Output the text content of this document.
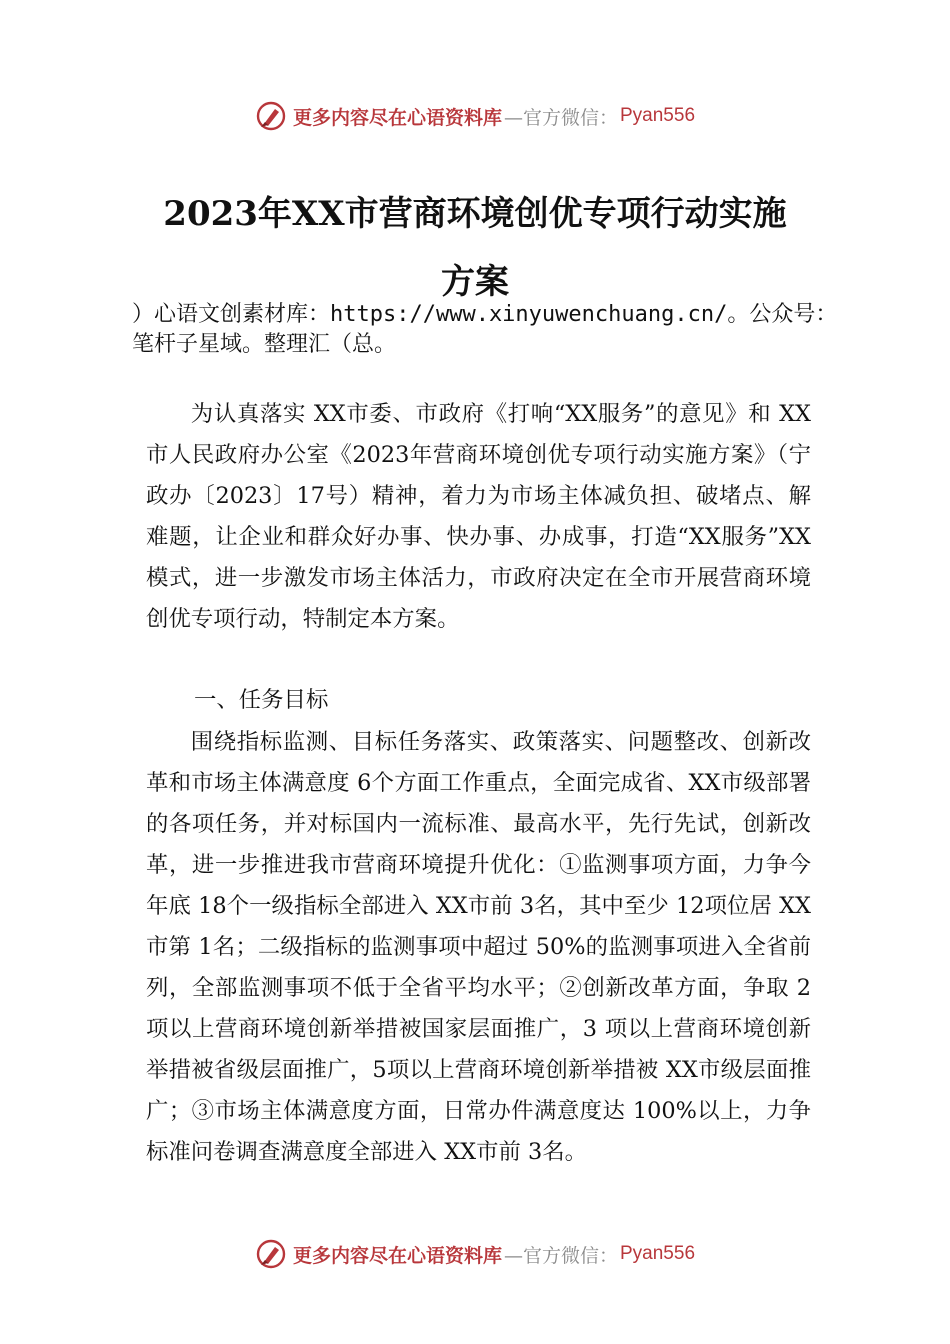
更多内容尽在心语资料库 —官方微信： Pyan556
2023年XX市营商环境创优专项行动实施
方案
）心语文创素材库：https://www.xinyuwenchuang.cn/。公众号：笔杆子星域。整理汇（总。
为认真落实 XX市委、市政府《打响“XX服务”的意见》和 XX市人民政府办公室《2023年营商环境创优专项行动实施方案》（宁政办〔2023〕17号）精神，着力为市场主体减负担、破堵点、解难题，让企业和群众好办事、快办事、办成事，打造“XX服务”XX模式，进一步激发市场主体活力，市政府决定在全市开展营商环境创优专项行动，特制定本方案。
一、任务目标
围绕指标监测、目标任务落实、政策落实、问题整改、创新改革和市场主体满意度 6个方面工作重点，全面完成省、XX市级部署的各项任务，并对标国内一流标准、最高水平，先行先试，创新改革，进一步推进我市营商环境提升优化：①监测事项方面，力争今年底 18个一级指标全部进入 XX市前 3名，其中至少 12项位居 XX市第 1名；二级指标的监测事项中超过 50%的监测事项进入全省前列，全部监测事项不低于全省平均水平；②创新改革方面，争取 2项以上营商环境创新举措被国家层面推广，3 项以上营商环境创新举措被省级层面推广，5项以上营商环境创新举措被 XX市级层面推广；③市场主体满意度方面，日常办件满意度达 100%以上，力争标准问卷调查满意度全部进入 XX市前 3名。
更多内容尽在心语资料库 —官方微信： Pyan556
